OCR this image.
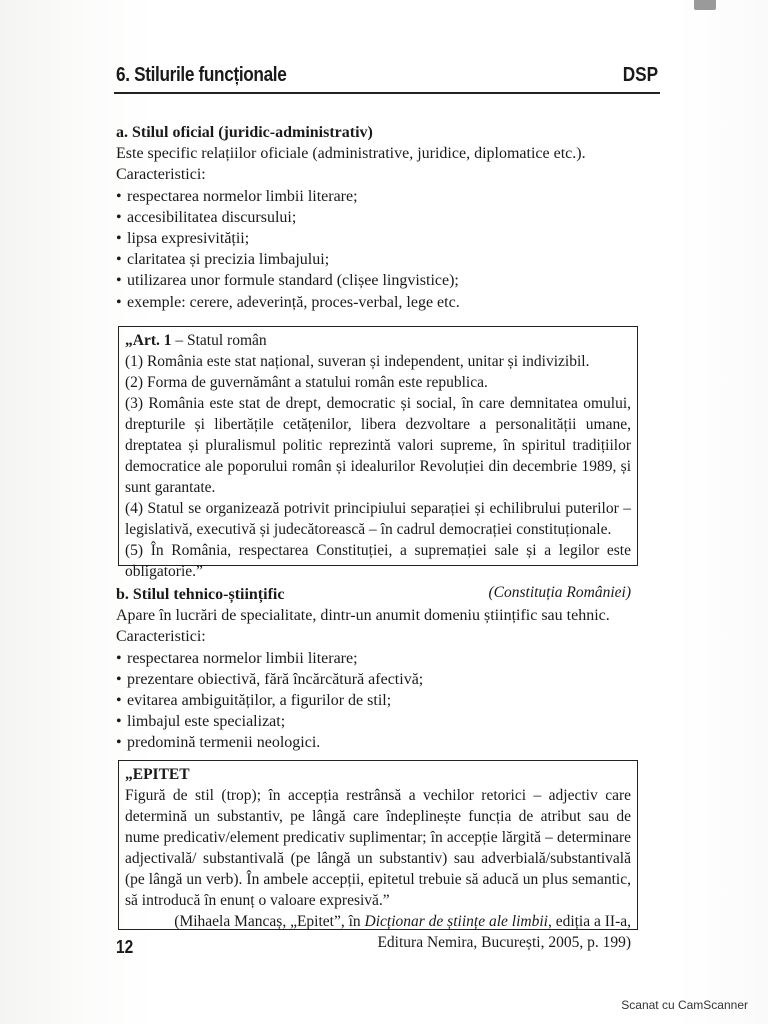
6. Stilurile funcționale	DSP
a. Stilul oficial (juridic-administrativ)
Este specific relațiilor oficiale (administrative, juridice, diplomatice etc.).
Caracteristici:
• respectarea normelor limbii literare;
• accesibilitatea discursului;
• lipsa expresivității;
• claritatea și precizia limbajului;
• utilizarea unor formule standard (clișee lingvistice);
• exemple: cerere, adeverință, proces-verbal, lege etc.

„Art. 1 – Statul român

(1) România este stat național, suveran și independent, unitar și indivizibil.

(2) Forma de guvernământ a statului român este republica.

(3) România este stat de drept, democratic și social, în care demnitatea omului, drepturile și libertățile cetățenilor, libera dezvoltare a personalității umane, dreptatea și pluralismul politic reprezintă valori supreme, în spiritul tradițiilor democratice ale poporului român și idealurilor Revoluției din decembrie 1989, și sunt garantate.

(4) Statul se organizează potrivit principiului separației și echilibrului puterilor – legislativă, executivă și judecătorească – în cadrul democrației constituționale.

(5) În România, respectarea Constituției, a supremației sale și a legilor este obligatorie.”

(Constituția României)

b. Stilul tehnico-științific
Apare în lucrări de specialitate, dintr-un anumit domeniu științific sau tehnic.
Caracteristici:
• respectarea normelor limbii literare;
• prezentare obiectivă, fără încărcătură afectivă;
• evitarea ambiguităților, a figurilor de stil;
• limbajul este specializat;
• predomină termenii neologici.

„EPITET

Figură de stil (trop); în accepția restrânsă a vechilor retorici – adjectiv care determină un substantiv, pe lângă care îndeplinește funcția de atribut sau de nume predicativ/element predicativ suplimentar; în accepție lărgită – determinare adjectivală/ substantivală (pe lângă un substantiv) sau adverbială/substantivală (pe lângă un verb). În ambele accepții, epitetul trebuie să aducă un plus semantic, să introducă în enunț o valoare expresivă.”

(Mihaela Mancaș, „Epitet”, în Dicționar de științe ale limbii, ediția a II-a,

Editura Nemira, București, 2005, p. 199)

12
Scanat cu CamScanner
